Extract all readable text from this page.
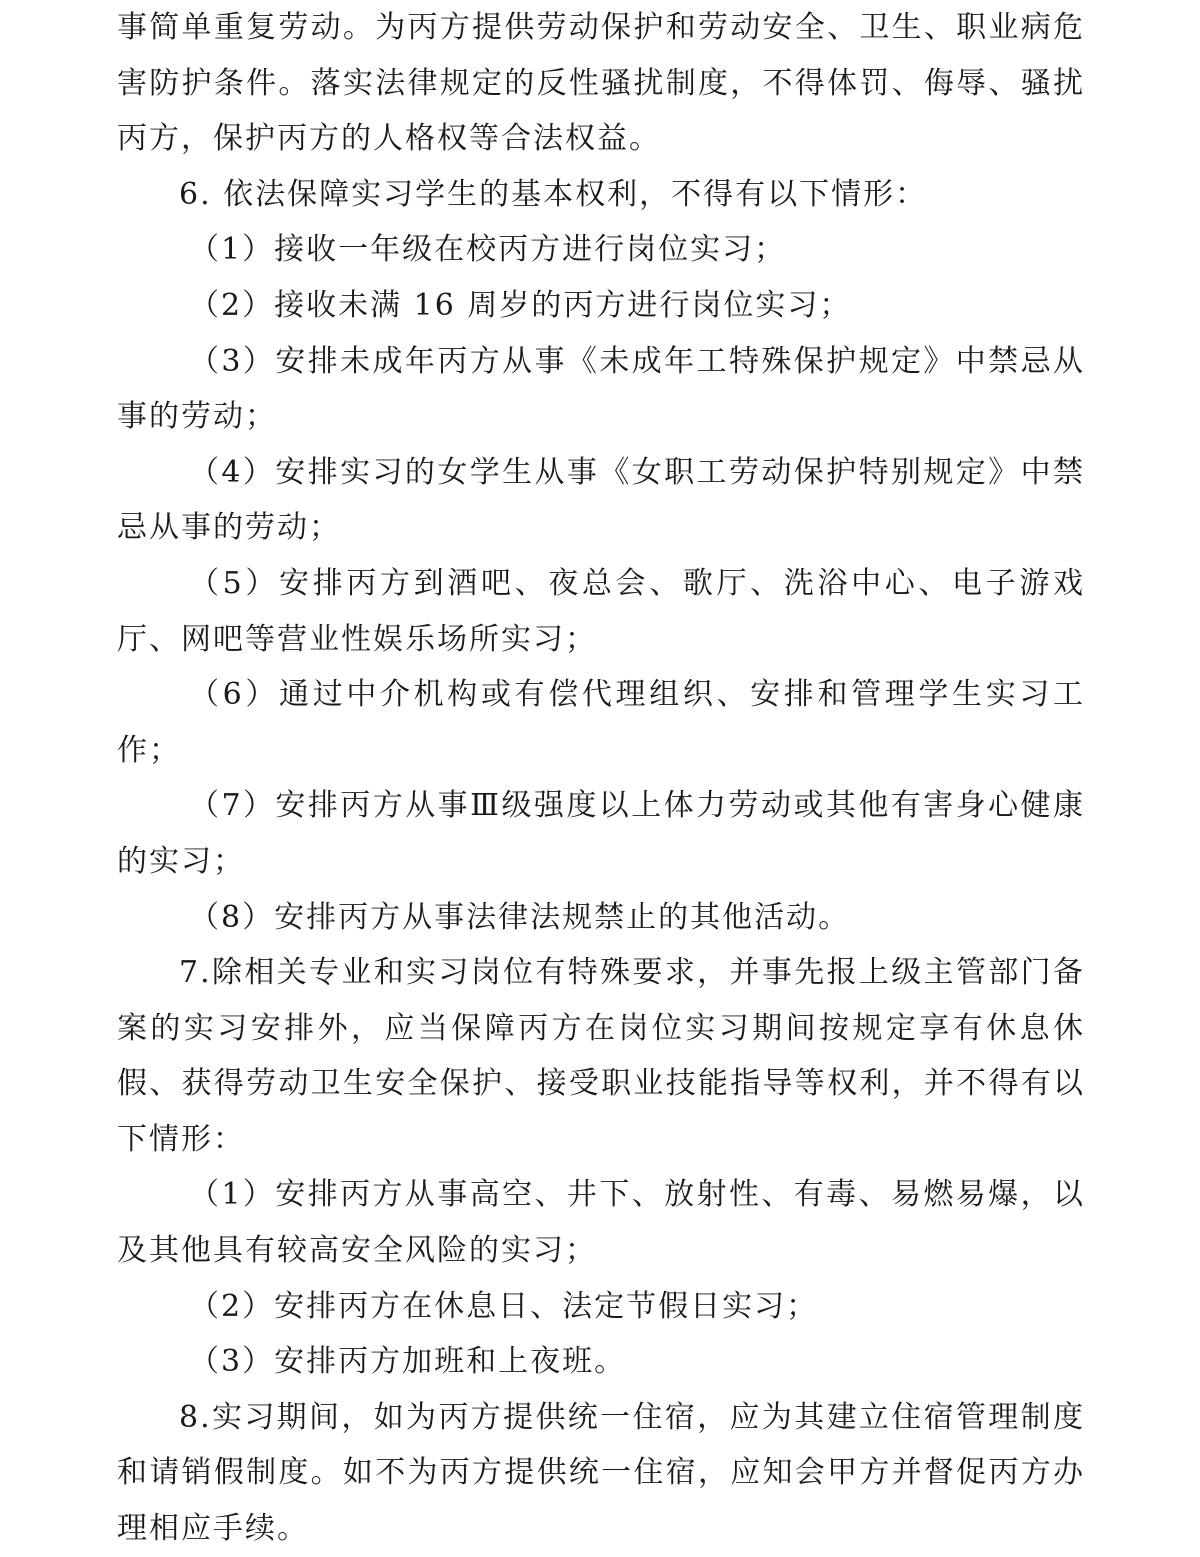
事简单重复劳动。为丙方提供劳动保护和劳动安全、卫生、职业病危害防护条件。落实法律规定的反性骚扰制度，不得体罚、侮辱、骚扰丙方，保护丙方的人格权等合法权益。

6. 依法保障实习学生的基本权利，不得有以下情形：

（1）接收一年级在校丙方进行岗位实习；

（2）接收未满 16 周岁的丙方进行岗位实习；

（3）安排未成年丙方从事《未成年工特殊保护规定》中禁忌从事的劳动；

（4）安排实习的女学生从事《女职工劳动保护特别规定》中禁忌从事的劳动；

（5）安排丙方到酒吧、夜总会、歌厅、洗浴中心、电子游戏厅、网吧等营业性娱乐场所实习；

（6）通过中介机构或有偿代理组织、安排和管理学生实习工作；

（7）安排丙方从事Ⅲ级强度以上体力劳动或其他有害身心健康的实习；

（8）安排丙方从事法律法规禁止的其他活动。

7.除相关专业和实习岗位有特殊要求，并事先报上级主管部门备案的实习安排外，应当保障丙方在岗位实习期间按规定享有休息休假、获得劳动卫生安全保护、接受职业技能指导等权利，并不得有以下情形：

（1）安排丙方从事高空、井下、放射性、有毒、易燃易爆，以及其他具有较高安全风险的实习；

（2）安排丙方在休息日、法定节假日实习；

（3）安排丙方加班和上夜班。

8.实习期间，如为丙方提供统一住宿，应为其建立住宿管理制度和请销假制度。如不为丙方提供统一住宿，应知会甲方并督促丙方办理相应手续。
